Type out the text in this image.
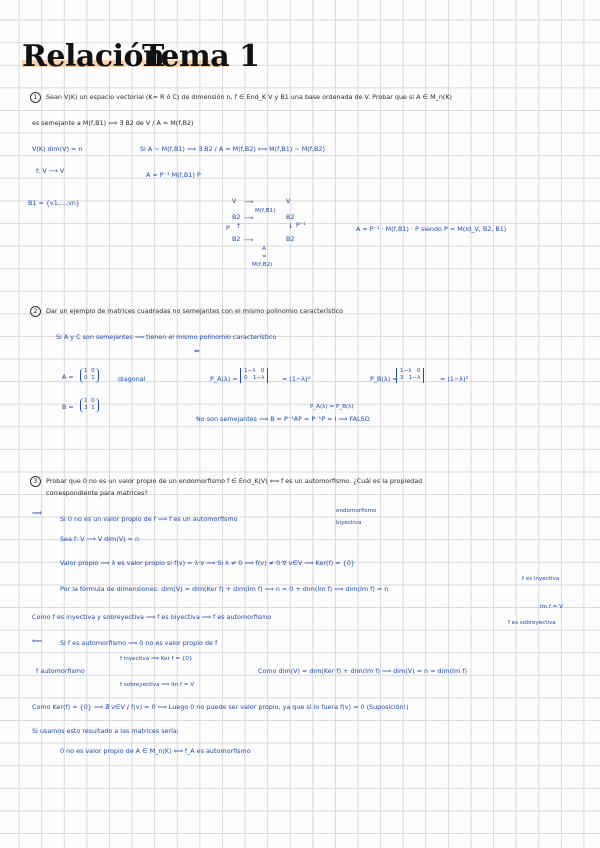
Relación
Tema 1
1	Sean V(K) un espacio vectorial (K= R ó C) de dimensión n, f ∈ End_K V y B1 una base ordenada de V. Probar que si A ∈ M_n(K)
es semejante a M(f,B1) ⟹ ∃ B2 de V / A = M(f,B2)
V(K) dim(V) = n	Si A ~ M(f,B1) ⟹ ∃ B2 / A = M(f,B2) ⟺ M(f,B1) ~ M(f,B2)
f: V ⟶ V	A = P⁻¹ M(f,B1) P
B1 = {v1,...,vn}	V	V
⟶
M(f,B1)
B2	B2
⟶
P ↑	↓ P⁻¹
B2 ⟶	B2
A
=
M(f,B2)
A = P⁻¹ · M(f,B1) · P siendo P = M(Id_V, B2, B1)
2	Dar un ejemplo de matrices cuadradas no semejantes con el mismo polinomio característico
Si A y C son semejantes ⟹ tienen el mismo polinomio característico
⇍
A =
1  0
0  1	diagonal
B =
1  0
3  1
P_A(λ) =
1−λ   0
0   1−λ	= (1−λ)²	P_B(λ) =
1−λ   0
3   1−λ	= (1−λ)²
P_A(λ) = P_B(λ)
No son semejantes ⟹ B = P⁻¹AP = P⁻¹P = I ⟹ FALSO
3	Probar que 0 no es un valor propio de un endomorfismo f ∈ End_K(V) ⟺ f es un automorfismo. ¿Cuál es la propiedad
correspondiente para matrices?
⟹
Si 0 no es un valor propio de f ⟹ f es un automorfismo
endomorfismo
biyectiva
Sea f: V ⟶ V dim(V) = n
Valor propio ⟹ λ es valor propio si f(v) = λ·v ⟹ Si λ ≠ 0 ⟹ f(v) ≠ 0 ∀ v∈V ⟹ Ker(f) = {0}
f es inyectiva
Por la fórmula de dimensiones: dim(V) = dim(Ker f) + dim(Im f) ⟹ n = 0 + dim(Im f) ⟹ dim(Im f) = n
Im f = V
f es sobreyectiva
Como f es inyectiva y sobreyectiva ⟹ f es biyectiva ⟹ f es automorfismo
⟸	Si f es automorfismo ⟹ 0 no es valor propio de f
f automorfismo
f inyectiva ⟹ Ker f = {0}
f sobreyectiva ⟹ Im f = V
Como dim(V) = dim(Ker f) + dim(Im f) ⟹ dim(V) = n = dim(Im f)
Como Ker(f) = {0} ⟹ ∄ v∈V / f(v) = 0 ⟹ Luego 0 no puede ser valor propio, ya que si lo fuera f(v) = 0 (Suposición!)
Si usamos esto resultado a las matrices sería:
0 no es valor propio de A ∈ M_n(K) ⟺ f_A es automorfismo
